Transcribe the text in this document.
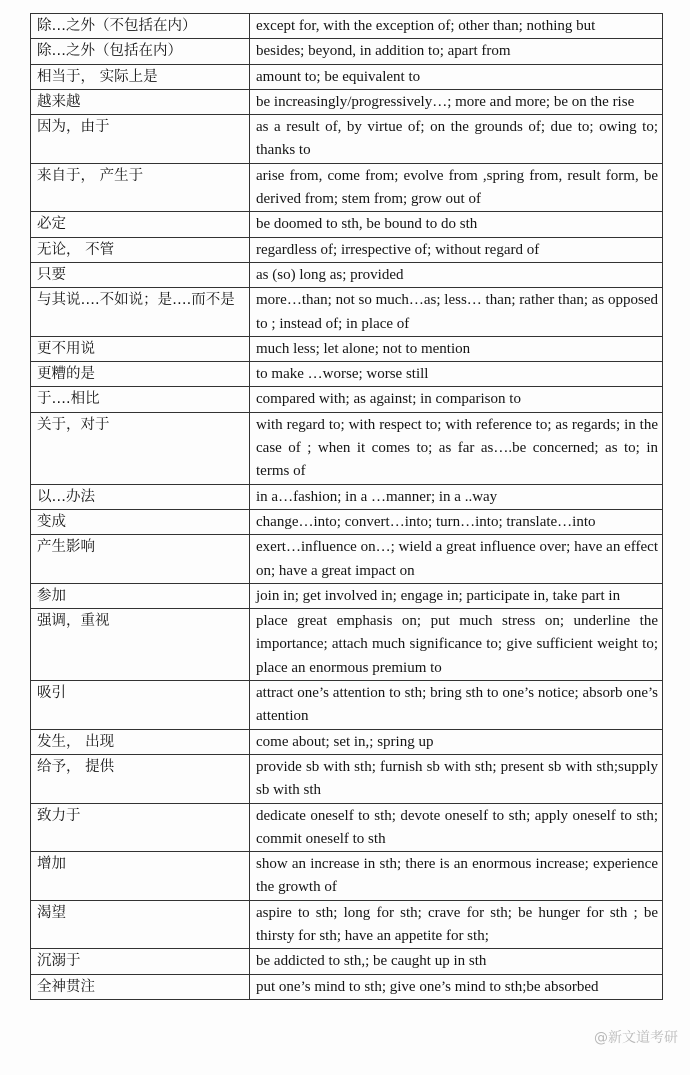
除…之外（不包括在内）	except for, with the exception of; other than; nothing but
除…之外（包括在内）	besides; beyond, in addition to; apart from
相当于， 实际上是	amount to; be equivalent to
越来越	be increasingly/progressively…; more and more; be on the rise
因为，由于	as a result of, by virtue of; on the grounds of; due to; owing to; thanks to
来自于， 产生于	arise from, come from; evolve from ,spring from, result form, be derived from; stem from; grow out of
必定	be doomed to sth, be bound to do sth
无论， 不管	regardless of; irrespective of; without regard of
只要	as (so) long as; provided
与其说….不如说；是….而不是	more…than; not so much…as; less… than; rather than; as opposed to ; instead of; in place of
更不用说	much less; let alone; not to mention
更糟的是	to make …worse; worse still
于….相比	compared with; as against; in comparison to
关于，对于	with regard to; with respect to; with reference to; as regards; in the case of ; when it comes to; as far as….be concerned; as to; in terms of
以…办法	in a…fashion; in a …manner; in a ..way
变成	change…into; convert…into; turn…into; translate…into
产生影响	exert…influence on…; wield a great influence over; have an effect on; have a great impact on
参加	join in; get involved in; engage in; participate in, take part in
强调，重视	place great emphasis on; put much stress on; underline the importance; attach much significance to; give sufficient weight to; place an enormous premium to
吸引	attract one’s attention to sth; bring sth to one’s notice; absorb one’s attention
发生， 出现	come about; set in,; spring up
给予， 提供	provide sb with sth; furnish sb with sth; present sb with sth;supply sb with sth
致力于	dedicate oneself to sth; devote oneself to sth; apply oneself to sth; commit oneself to sth
增加	show an increase in sth; there is an enormous increase; experience the growth of
渴望	aspire to sth; long for sth; crave for sth; be hunger for sth ; be thirsty for sth; have an appetite for sth;
沉溺于	be addicted to sth,; be caught up in sth
全神贯注	put one’s mind to sth; give one’s mind to sth;be absorbed
@新文道考研
